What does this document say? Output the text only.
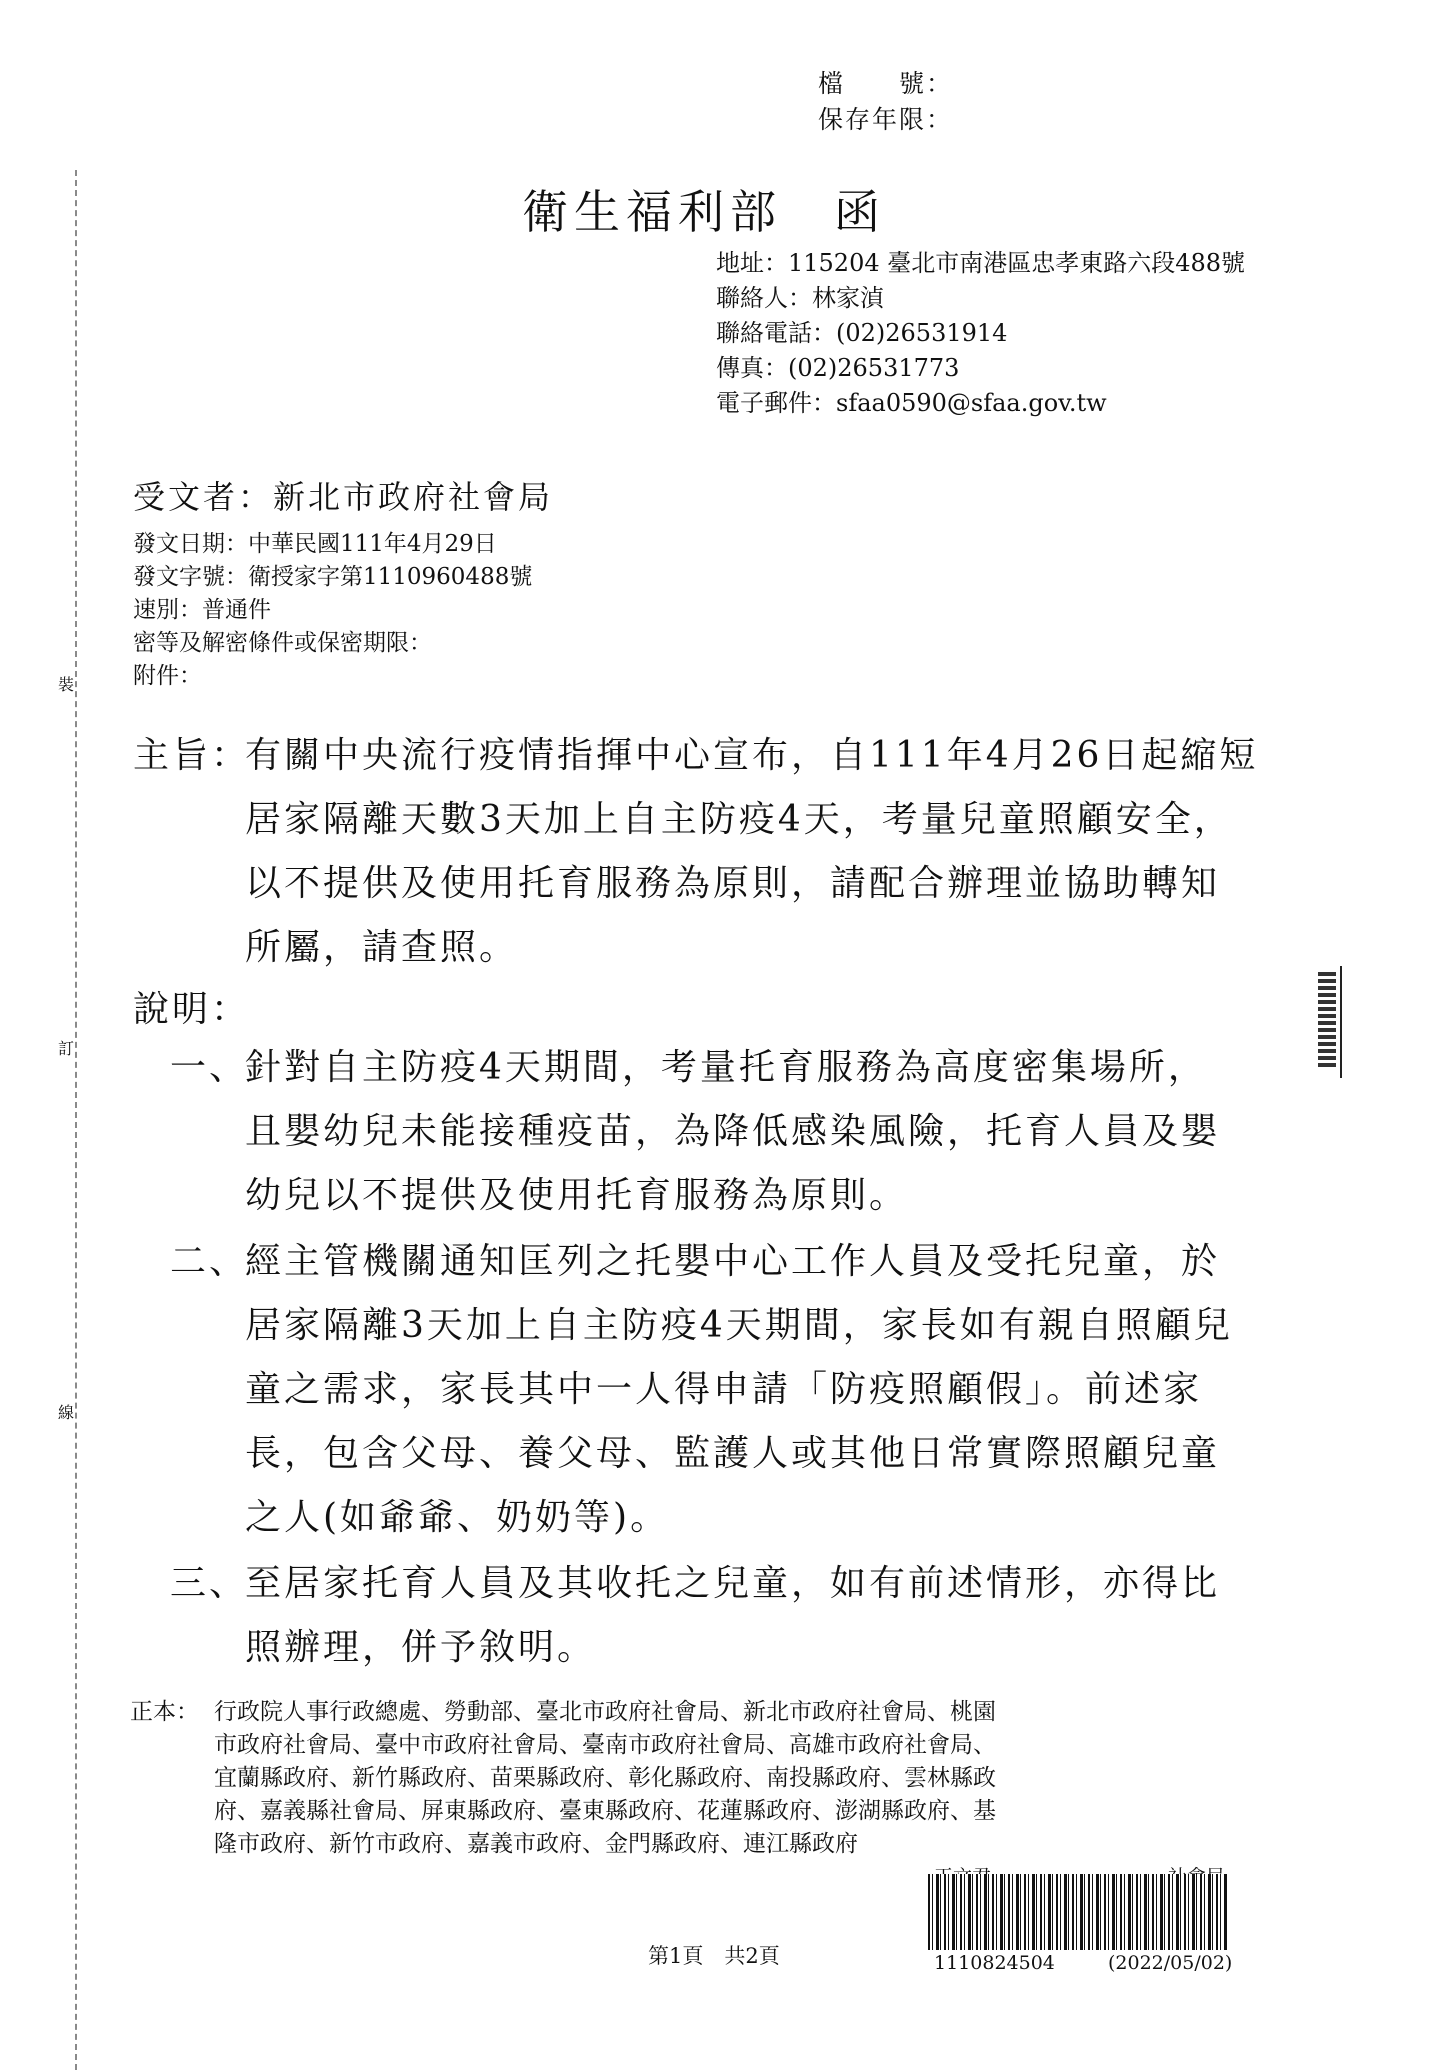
裝
訂
線
檔　　號：
保存年限：
衛生福利部　函
地址：115204 臺北市南港區忠孝東路六段488號
聯絡人：林家湞
聯絡電話：(02)26531914
傳真：(02)26531773
電子郵件：sfaa0590@sfaa.gov.tw
受文者：新北市政府社會局
發文日期：中華民國111年4月29日
發文字號：衛授家字第1110960488號
速別：普通件
密等及解密條件或保密期限：
附件：
主旨：
有關中央流行疫情指揮中心宣布，自111年4月26日起縮短
居家隔離天數3天加上自主防疫4天，考量兒童照顧安全，
以不提供及使用托育服務為原則，請配合辦理並協助轉知
所屬，請查照。
說明：
一、
針對自主防疫4天期間，考量托育服務為高度密集場所，
且嬰幼兒未能接種疫苗，為降低感染風險，托育人員及嬰
幼兒以不提供及使用托育服務為原則。
二、
經主管機關通知匡列之托嬰中心工作人員及受托兒童，於
居家隔離3天加上自主防疫4天期間，家長如有親自照顧兒
童之需求，家長其中一人得申請「防疫照顧假」。前述家
長，包含父母、養父母、監護人或其他日常實際照顧兒童
之人(如爺爺、奶奶等)。
三、
至居家托育人員及其收托之兒童，如有前述情形，亦得比
照辦理，併予敘明。
正本： 行政院人事行政總處、勞動部、臺北市政府社會局、新北市政府社會局、桃園
市政府社會局、臺中市政府社會局、臺南市政府社會局、高雄市政府社會局、
宜蘭縣政府、新竹縣政府、苗栗縣政府、彰化縣政府、南投縣政府、雲林縣政
府、嘉義縣社會局、屏東縣政府、臺東縣政府、花蓮縣政府、澎湖縣政府、基
隆市政府、新竹市政府、嘉義市政府、金門縣政府、連江縣政府
1110824504	(2022/05/02)
第1頁　共2頁
